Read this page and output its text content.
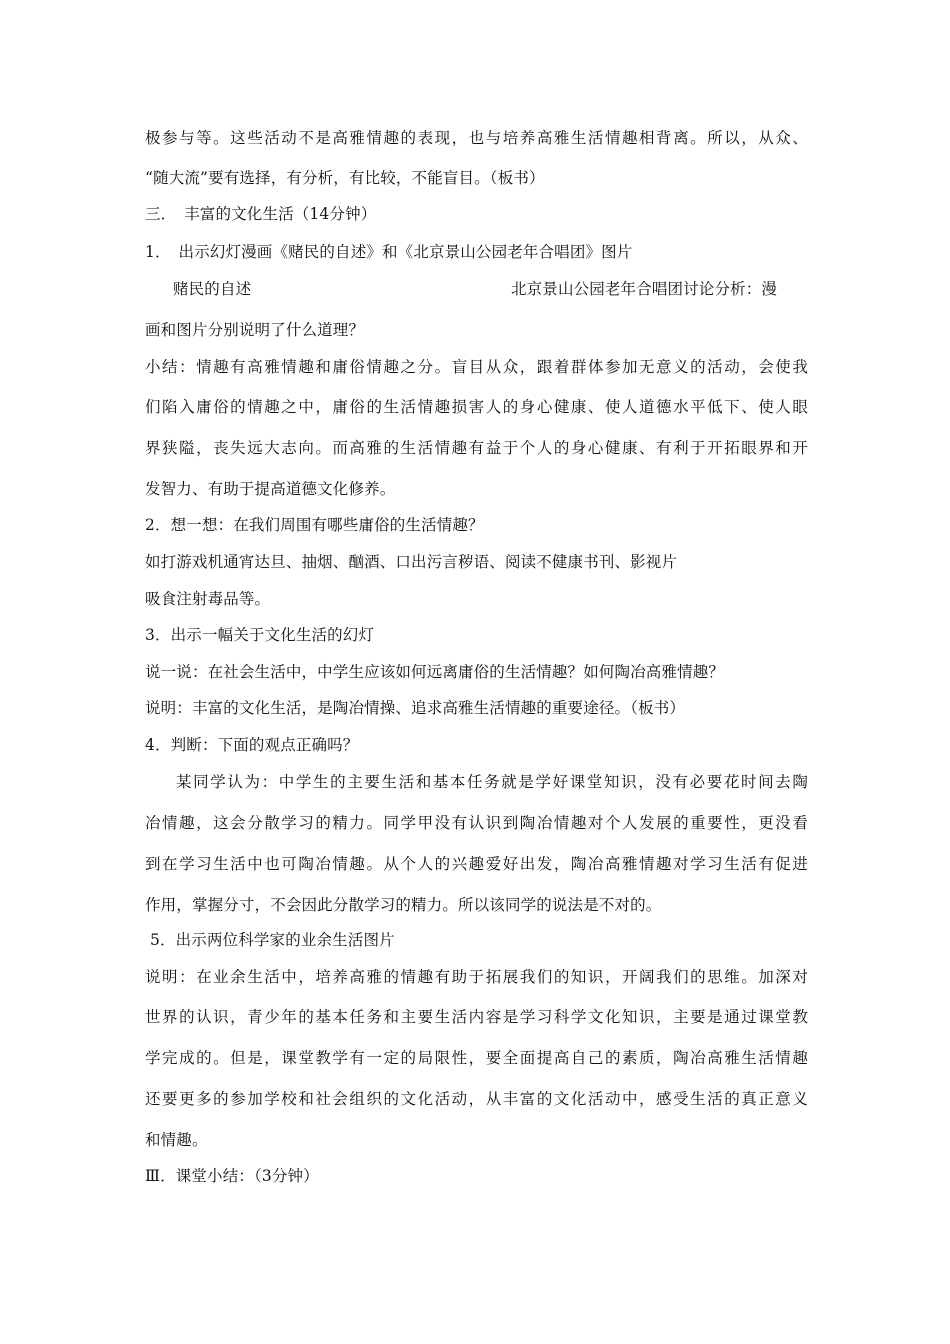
极参与等。这些活动不是高雅情趣的表现，也与培养高雅生活情趣相背离。所以，从众、
“随大流”要有选择，有分析，有比较，不能盲目。（板书）
三．　丰富的文化生活（14分钟）
1．　出示幻灯漫画《赌民的自述》和《北京景山公园老年合唱团》图片
赌民的自述	北京景山公园老年合唱团讨论分析：漫
画和图片分别说明了什么道理？
小结：情趣有高雅情趣和庸俗情趣之分。盲目从众，跟着群体参加无意义的活动，会使我
们陷入庸俗的情趣之中，庸俗的生活情趣损害人的身心健康、使人道德水平低下、使人眼
界狭隘，丧失远大志向。而高雅的生活情趣有益于个人的身心健康、有利于开拓眼界和开
发智力、有助于提高道德文化修养。
2．想一想：在我们周围有哪些庸俗的生活情趣？
如打游戏机通宵达旦、抽烟、酗酒、口出污言秽语、阅读不健康书刊、影视片
吸食注射毒品等。
3．出示一幅关于文化生活的幻灯
说一说：在社会生活中，中学生应该如何远离庸俗的生活情趣？如何陶冶高雅情趣？
说明：丰富的文化生活，是陶冶情操、追求高雅生活情趣的重要途径。（板书）
4．判断：下面的观点正确吗？
某同学认为：中学生的主要生活和基本任务就是学好课堂知识，没有必要花时间去陶
冶情趣，这会分散学习的精力。同学甲没有认识到陶冶情趣对个人发展的重要性，更没看
到在学习生活中也可陶冶情趣。从个人的兴趣爱好出发，陶冶高雅情趣对学习生活有促进
作用，掌握分寸，不会因此分散学习的精力。所以该同学的说法是不对的。
5．出示两位科学家的业余生活图片
说明：在业余生活中，培养高雅的情趣有助于拓展我们的知识，开阔我们的思维。加深对
世界的认识，青少年的基本任务和主要生活内容是学习科学文化知识，主要是通过课堂教
学完成的。但是，课堂教学有一定的局限性，要全面提高自己的素质，陶冶高雅生活情趣
还要更多的参加学校和社会组织的文化活动，从丰富的文化活动中，感受生活的真正意义
和情趣。
Ⅲ．课堂小结：（3分钟）
